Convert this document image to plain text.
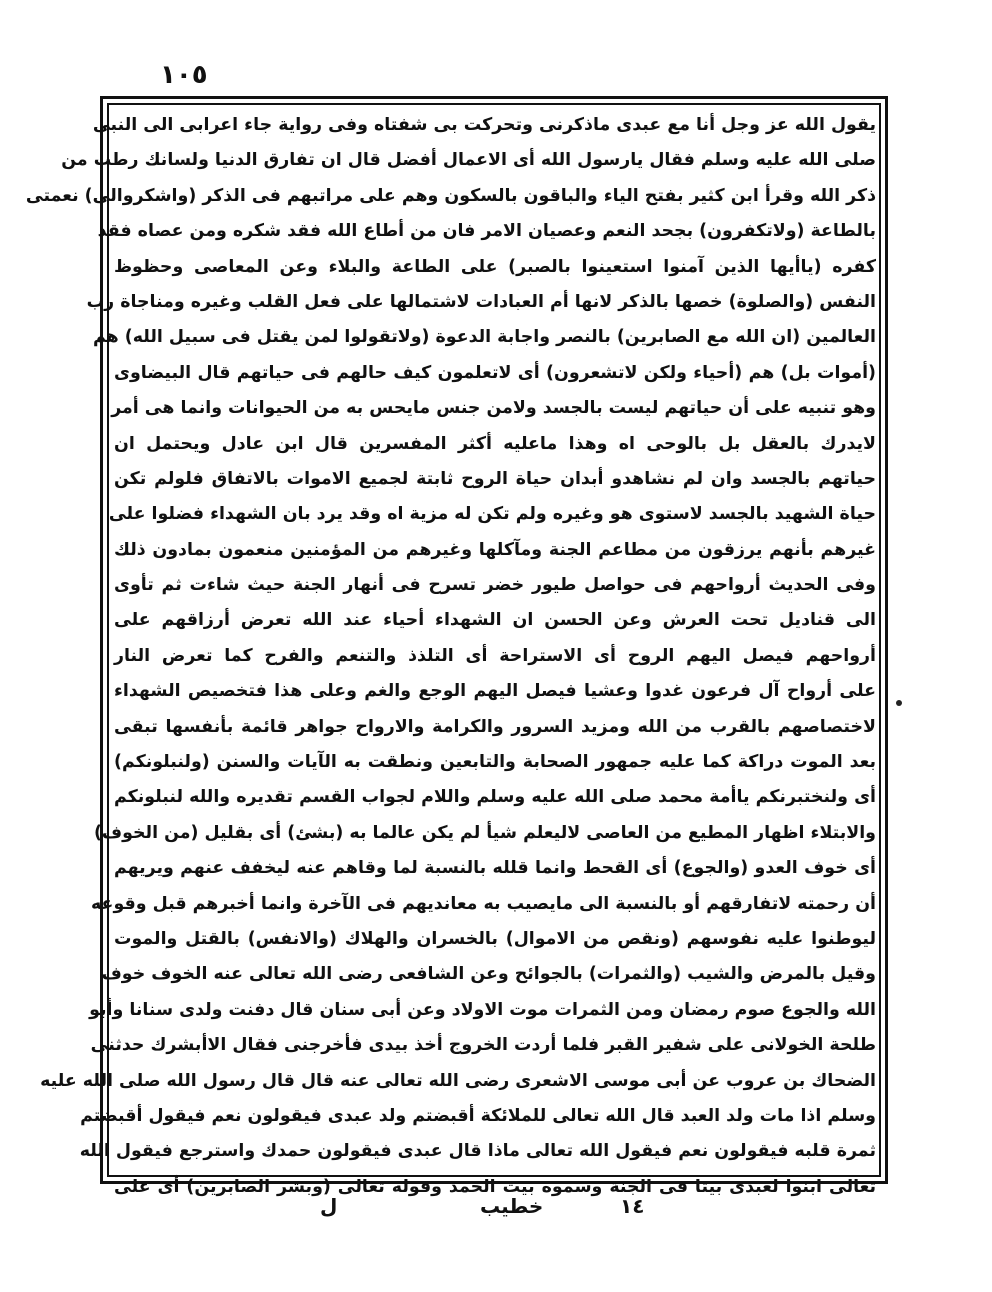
١٠٥
يقول الله عز وجل أنا مع عبدى ماذكرنى وتحركت بى شفتاه وفى رواية جاء اعرابى الى النبى
صلى الله عليه وسلم فقال يارسول الله أى الاعمال أفضل قال ان تفارق الدنيا ولسانك رطب من
ذكر الله وقرأ ابن كثير بفتح الياء والباقون بالسكون وهم على مراتبهم فى الذكر (واشكروالى) نعمتى
بالطاعة (ولاتكفرون) بجحد النعم وعصيان الامر فان من أطاع الله فقد شكره ومن عصاه فقد
كفره (ياأيها الذين آمنوا استعينوا بالصبر) على الطاعة والبلاء وعن المعاصى وحظوظ
النفس (والصلوة) خصها بالذكر لانها أم العبادات لاشتمالها على فعل القلب وغيره ومناجاة رب
العالمين (ان الله مع الصابرين) بالنصر واجابة الدعوة (ولاتقولوا لمن يقتل فى سبيل الله) هم
(أموات بل) هم (أحياء ولكن لاتشعرون) أى لاتعلمون كيف حالهم فى حياتهم قال البيضاوى
وهو تنبيه على أن حياتهم ليست بالجسد ولامن جنس مايحس به من الحيوانات وانما هى أمر
لايدرك بالعقل بل بالوحى اه وهذا ماعليه أكثر المفسرين قال ابن عادل ويحتمل ان
حياتهم بالجسد وان لم نشاهدو أبدان حياة الروح ثابتة لجميع الاموات بالاتفاق فلولم تكن
حياة الشهيد بالجسد لاستوى هو وغيره ولم تكن له مزية اه وقد يرد بان الشهداء فضلوا على
غيرهم بأنهم يرزقون من مطاعم الجنة ومآكلها وغيرهم من المؤمنين منعمون بمادون ذلك
وفى الحديث أرواحهم فى حواصل طيور خضر تسرح فى أنهار الجنة حيث شاءت ثم تأوى
الى قناديل تحت العرش وعن الحسن ان الشهداء أحياء عند الله تعرض أرزاقهم على
أرواحهم فيصل اليهم الروح أى الاستراحة أى التلذذ والتنعم والفرح كما تعرض النار
على أرواح آل فرعون غدوا وعشيا فيصل اليهم الوجع والغم وعلى هذا فتخصيص الشهداء
لاختصاصهم بالقرب من الله ومزيد السرور والكرامة والارواح جواهر قائمة بأنفسها تبقى
بعد الموت دراكة كما عليه جمهور الصحابة والتابعين ونطقت به الآيات والسنن (ولنبلونكم)
أى ولنختبرنكم ياأمة محمد صلى الله عليه وسلم واللام لجواب القسم تقديره والله لنبلونكم
والابتلاء اظهار المطيع من العاصى لاليعلم شيأ لم يكن عالما به (بشئ) أى بقليل (من الخوف)
أى خوف العدو (والجوع) أى القحط وانما قلله بالنسبة لما وقاهم عنه ليخفف عنهم ويريهم
أن رحمته لاتفارقهم أو بالنسبة الى مايصيب به معانديهم فى الآخرة وانما أخبرهم قبل وقوعه
ليوطنوا عليه نفوسهم (ونقص من الاموال) بالخسران والهلاك (والانفس) بالقتل والموت
وقيل بالمرض والشيب (والثمرات) بالجوائح وعن الشافعى رضى الله تعالى عنه الخوف خوف
الله والجوع صوم رمضان ومن الثمرات موت الاولاد وعن أبى سنان قال دفنت ولدى سنانا وأبو
طلحة الخولانى على شفير القبر فلما أردت الخروج أخذ بيدى فأخرجنى فقال الاأبشرك حدثنى
الضحاك بن عروب عن أبى موسى الاشعرى رضى الله تعالى عنه قال قال رسول الله صلى الله عليه
وسلم اذا مات ولد العبد قال الله تعالى للملائكة أقبضتم ولد عبدى فيقولون نعم فيقول أقبضتم
ثمرة قلبه فيقولون نعم فيقول الله تعالى ماذا قال عبدى فيقولون حمدك واسترجع فيقول الله
تعالى ابنوا لعبدى بيتا فى الجنة وسموه بيت الحمد وقوله تعالى (وبشر الصابرين) أى على
١٤
خطيب
ل
